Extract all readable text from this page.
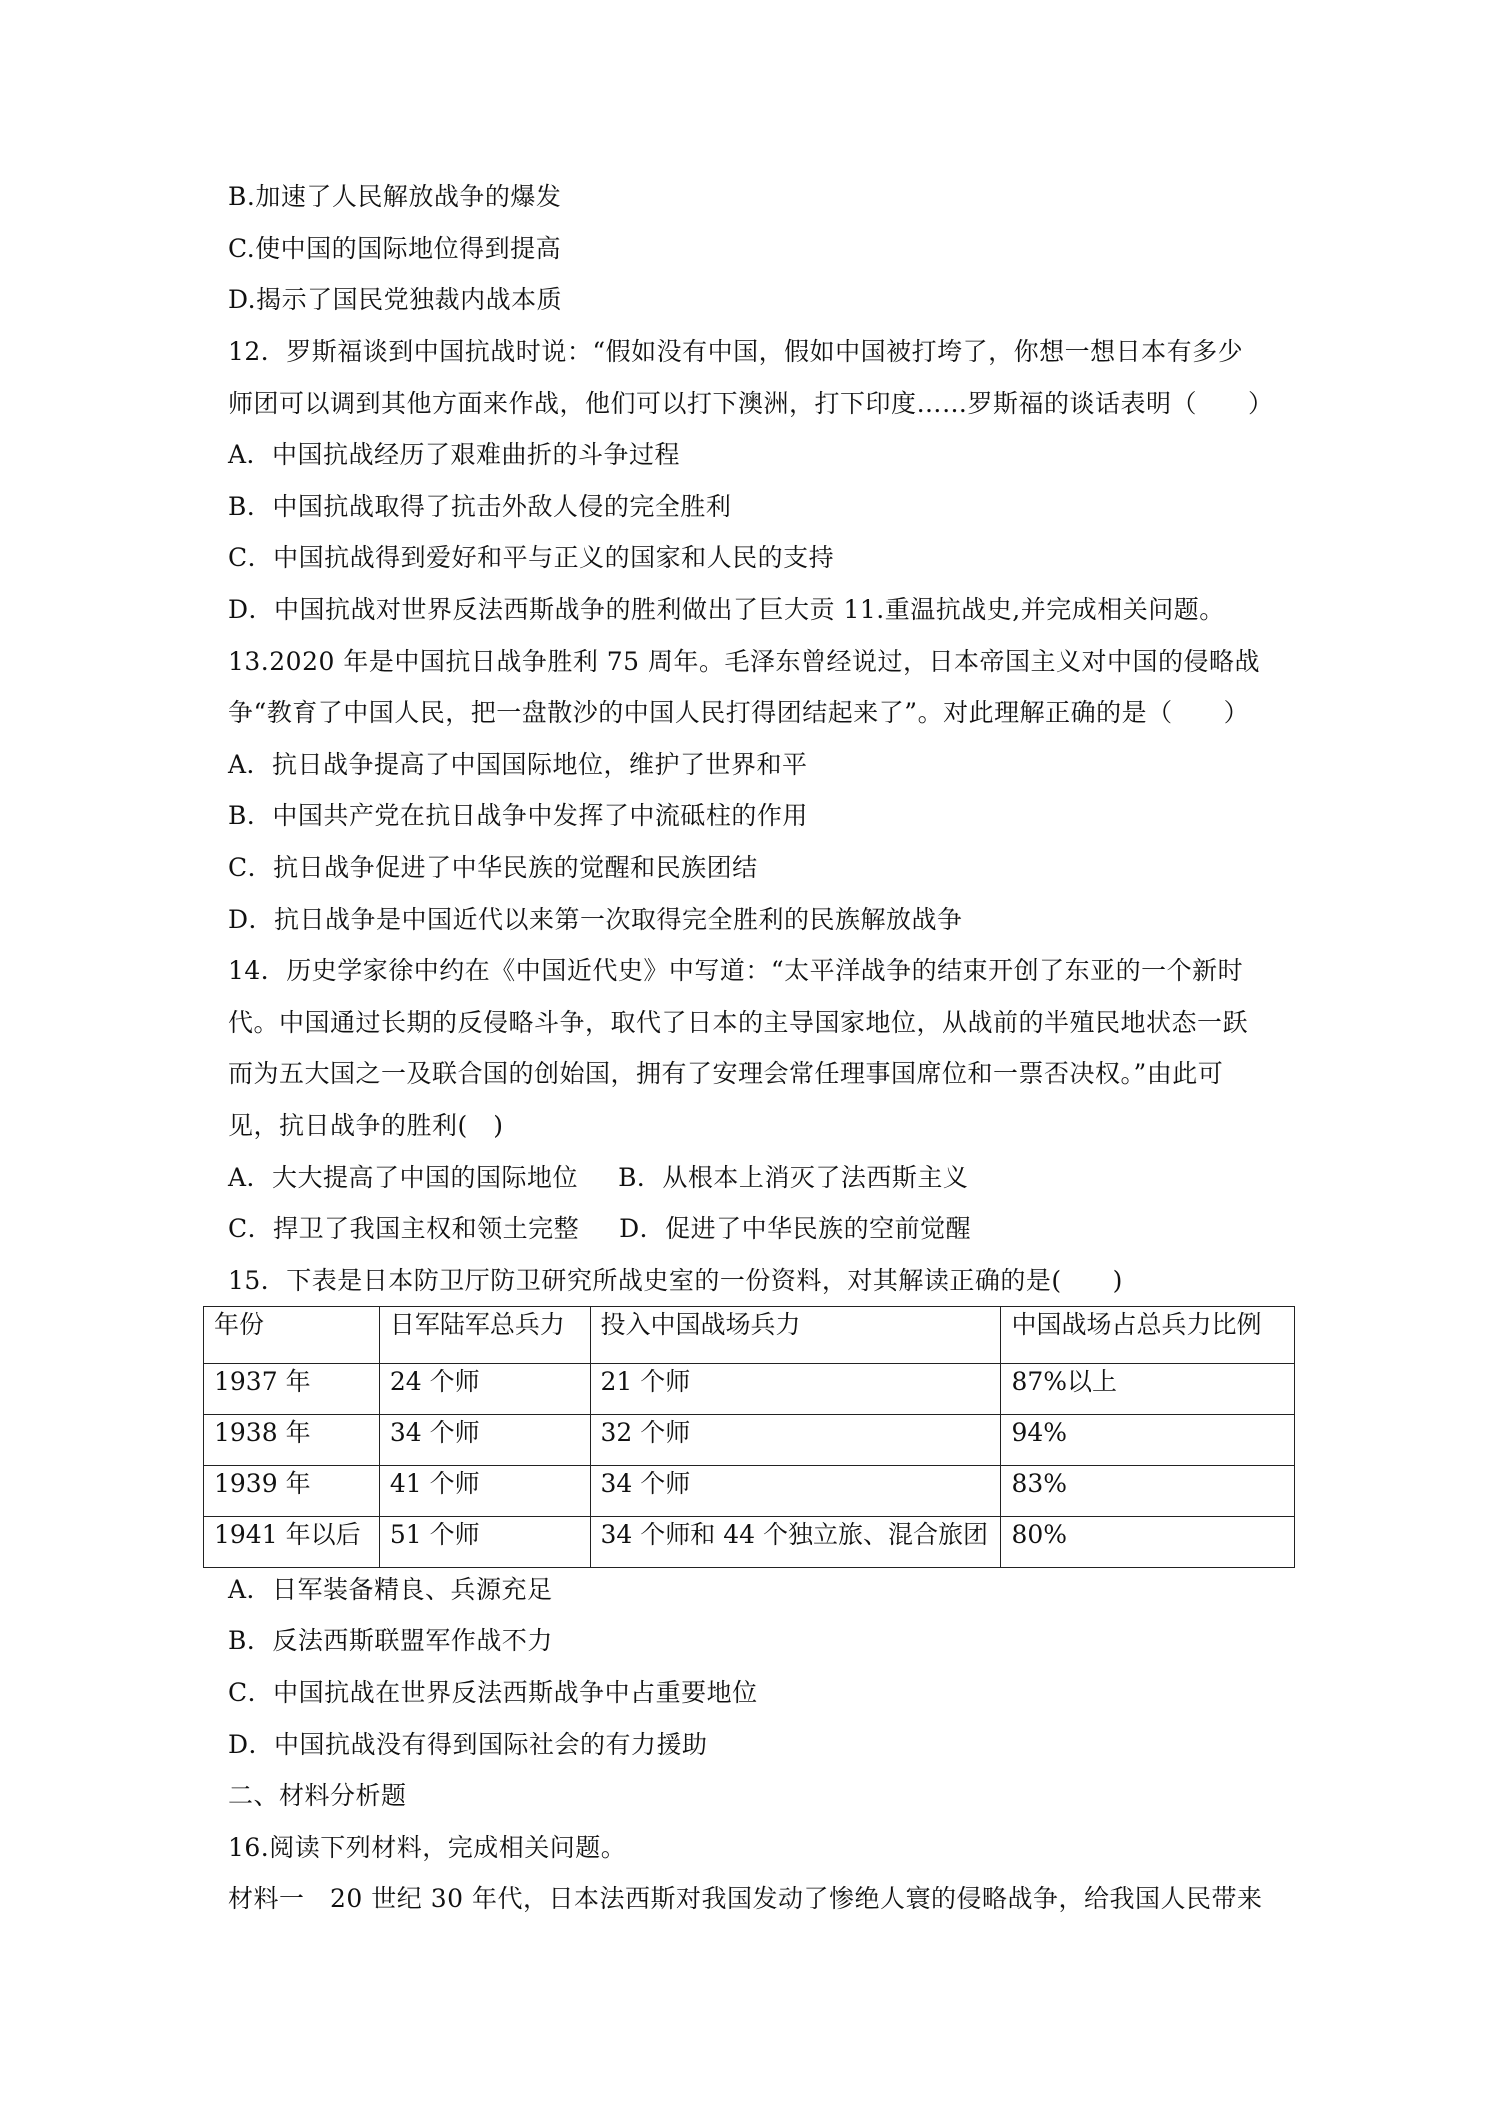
B.加速了人民解放战争的爆发
C.使中国的国际地位得到提高
D.揭示了国民党独裁内战本质
12．罗斯福谈到中国抗战时说：“假如没有中国，假如中国被打垮了，你想一想日本有多少
师团可以调到其他方面来作战，他们可以打下澳洲，打下印度……罗斯福的谈话表明（　　）
A．中国抗战经历了艰难曲折的斗争过程
B．中国抗战取得了抗击外敌人侵的完全胜利
C．中国抗战得到爱好和平与正义的国家和人民的支持
D．中国抗战对世界反法西斯战争的胜利做出了巨大贡 11.重温抗战史,并完成相关问题。
13.2020 年是中国抗日战争胜利 75 周年。毛泽东曾经说过，日本帝国主义对中国的侵略战
争“教育了中国人民，把一盘散沙的中国人民打得团结起来了”。对此理解正确的是（　　）
A．抗日战争提高了中国国际地位，维护了世界和平
B．中国共产党在抗日战争中发挥了中流砥柱的作用
C．抗日战争促进了中华民族的觉醒和民族团结
D．抗日战争是中国近代以来第一次取得完全胜利的民族解放战争
14．历史学家徐中约在《中国近代史》中写道：“太平洋战争的结束开创了东亚的一个新时
代。中国通过长期的反侵略斗争，取代了日本的主导国家地位，从战前的半殖民地状态一跃
而为五大国之一及联合国的创始国，拥有了安理会常任理事国席位和一票否决权。”由此可
见，抗日战争的胜利(　)
A．大大提高了中国的国际地位 B．从根本上消灭了法西斯主义
C．捍卫了我国主权和领土完整 D．促进了中华民族的空前觉醒
15．下表是日本防卫厅防卫研究所战史室的一份资料，对其解读正确的是(　　)
年份	日军陆军总兵力	投入中国战场兵力	中国战场占总兵力比例
1937 年	24 个师	21 个师	87%以上
1938 年	34 个师	32 个师	94%
1939 年	41 个师	34 个师	83%
1941 年以后	51 个师	34 个师和 44 个独立旅、混合旅团	80%
A．日军装备精良、兵源充足
B．反法西斯联盟军作战不力
C．中国抗战在世界反法西斯战争中占重要地位
D．中国抗战没有得到国际社会的有力援助
二、材料分析题
16.阅读下列材料，完成相关问题。
材料一　20 世纪 30 年代，日本法西斯对我国发动了惨绝人寰的侵略战争，给我国人民带来
